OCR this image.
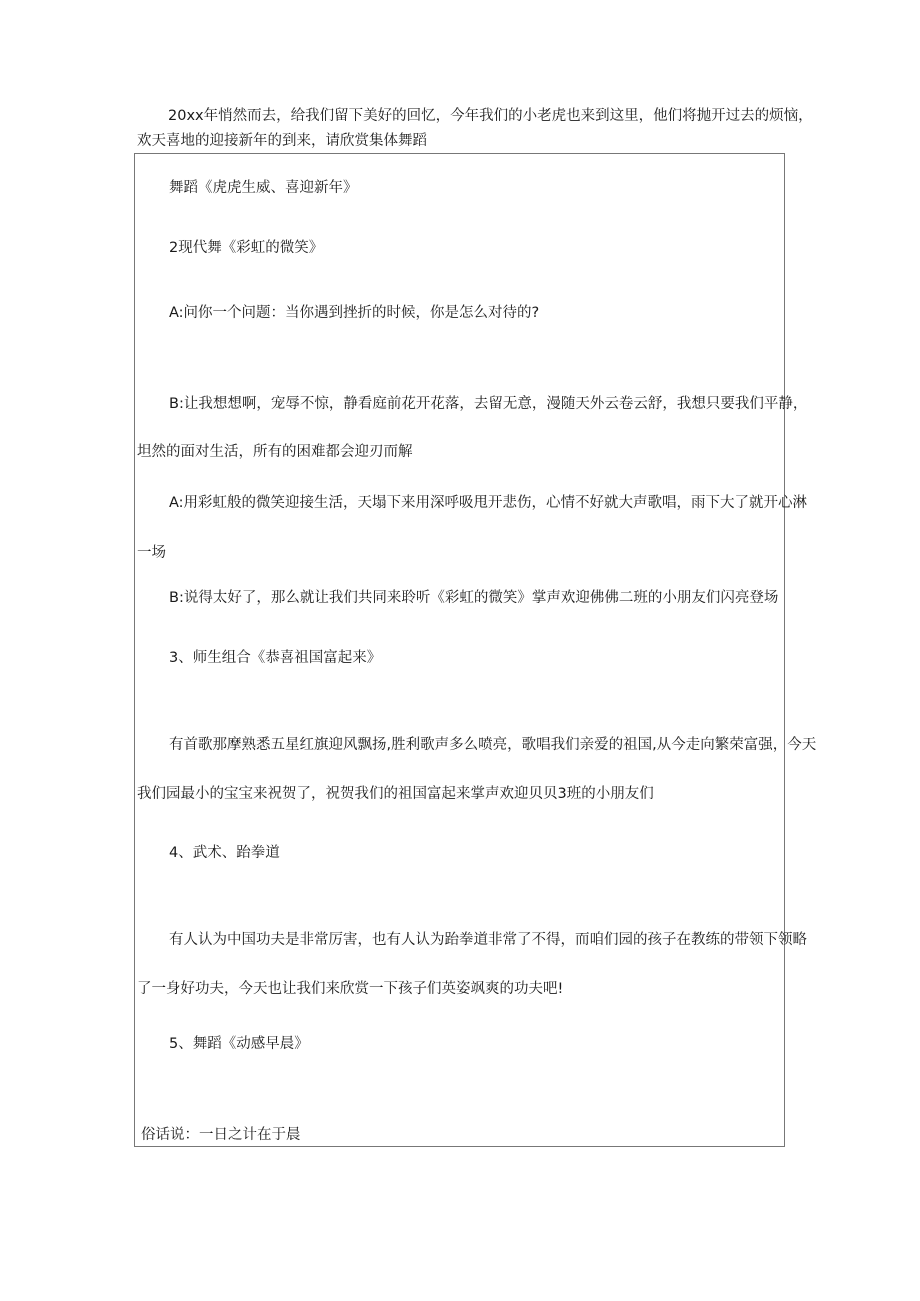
20xx年悄然而去，给我们留下美好的回忆，今年我们的小老虎也来到这里，他们将抛开过去的烦恼，
欢天喜地的迎接新年的到来，请欣赏集体舞蹈
舞蹈《虎虎生威、喜迎新年》
2现代舞《彩虹的微笑》
A:问你一个问题：当你遇到挫折的时候，你是怎么对待的?
B:让我想想啊，宠辱不惊，静看庭前花开花落，去留无意，漫随天外云卷云舒，我想只要我们平静，
坦然的面对生活，所有的困难都会迎刃而解
A:用彩虹般的微笑迎接生活，天塌下来用深呼吸甩开悲伤，心情不好就大声歌唱，雨下大了就开心淋
一场
B:说得太好了，那么就让我们共同来聆听《彩虹的微笑》掌声欢迎佛佛二班的小朋友们闪亮登场
3、师生组合《恭喜祖国富起来》
有首歌那摩熟悉五星红旗迎风飘扬,胜利歌声多么喷亮，歌唱我们亲爱的祖国,从今走向繁荣富强，今天
我们园最小的宝宝来祝贺了，祝贺我们的祖国富起来掌声欢迎贝贝3班的小朋友们
4、武术、跆拳道
有人认为中国功夫是非常厉害，也有人认为跆拳道非常了不得，而咱们园的孩子在教练的带领下领略
了一身好功夫，今天也让我们来欣赏一下孩子们英姿飒爽的功夫吧!
5、舞蹈《动感早晨》
俗话说：一日之计在于晨
